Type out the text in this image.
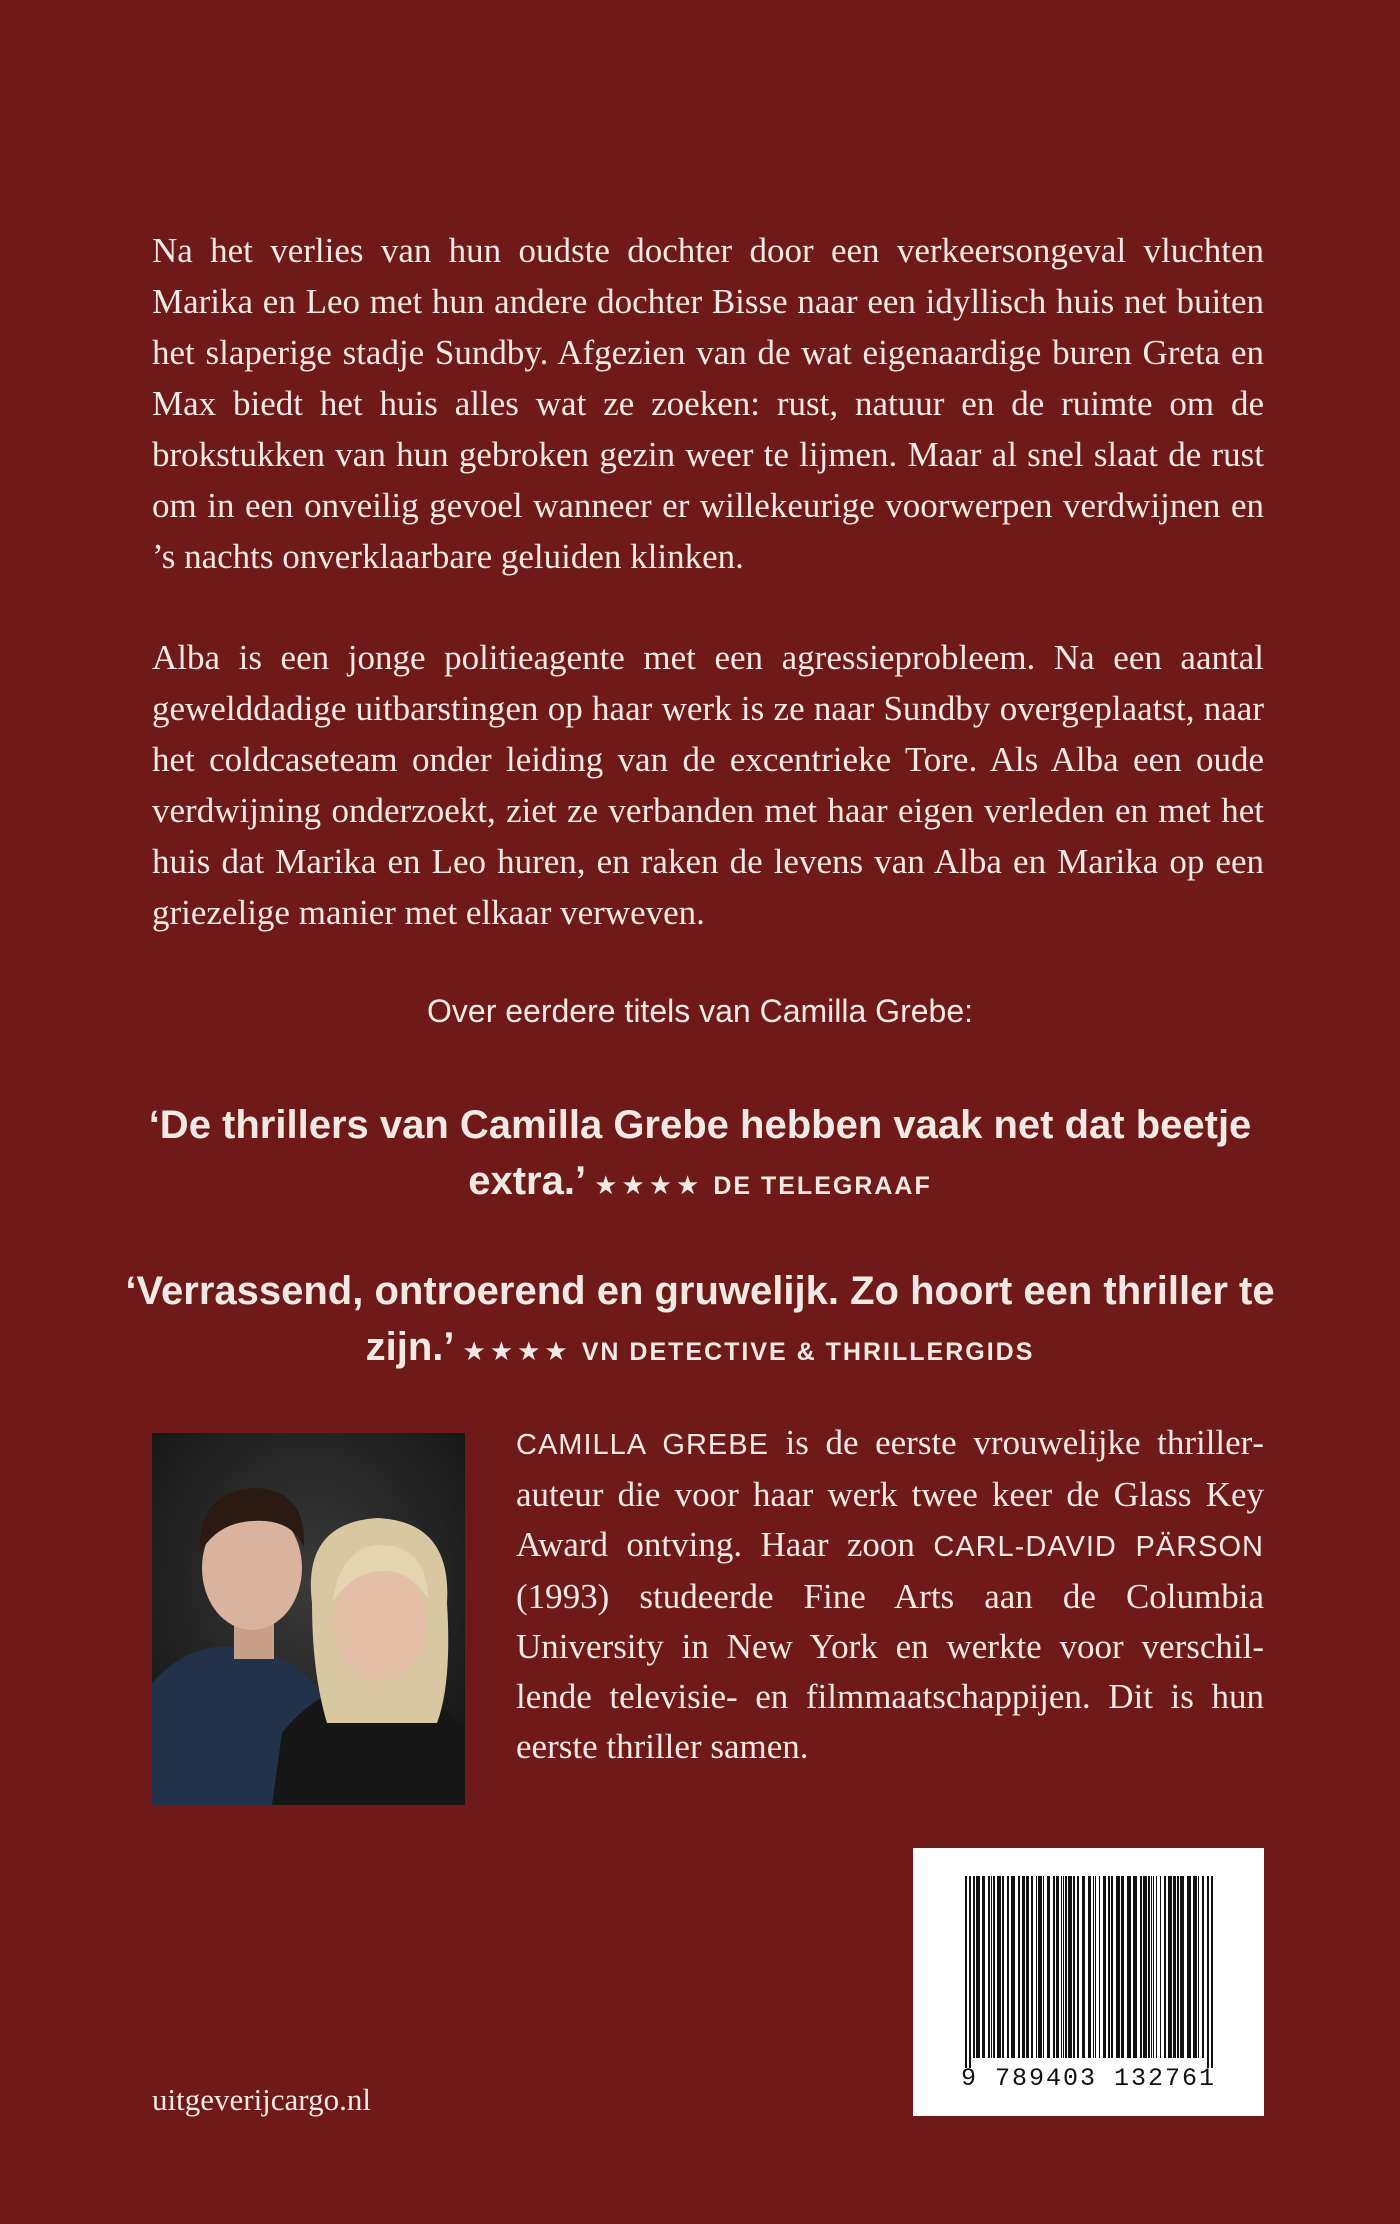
Na het verlies van hun oudste dochter door een verkeersongeval vluchten Marika en Leo met hun andere dochter Bisse naar een idyllisch huis net buiten het slaperige stadje Sundby. Afgezien van de wat eigenaardige buren Greta en Max biedt het huis alles wat ze zoeken: rust, natuur en de ruimte om de brokstukken van hun gebroken gezin weer te lijmen. Maar al snel slaat de rust om in een onveilig gevoel wanneer er willekeurige voorwerpen verdwijnen en ’s nachts onverklaarbare geluiden klinken.

Alba is een jonge politieagente met een agressieprobleem. Na een aantal gewelddadige uitbarstingen op haar werk is ze naar Sundby overgeplaatst, naar het coldcaseteam onder leiding van de excentrieke Tore. Als Alba een oude verdwijning onderzoekt, ziet ze verbanden met haar eigen verleden en met het huis dat Marika en Leo huren, en raken de levens van Alba en Marika op een griezelige manier met elkaar verweven.

Over eerdere titels van Camilla Grebe:
‘De thrillers van Camilla Grebe hebben vaak net dat beetje extra.’ ★★★★ DE TELEGRAAF
‘Verrassend, ontroerend en gruwelijk. Zo hoort een thriller te zijn.’ ★★★★ VN DETECTIVE & THRILLERGIDS

CAMILLA GREBE is de eerste vrouwelijke thrillerauteur die voor haar werk twee keer de Glass Key Award ontving. Haar zoon CARL-DAVID PÄRSON (1993) studeerde Fine Arts aan de Columbia University in New York en werkte voor verschillende televisie- en filmmaatschappijen. Dit is hun eerste thriller samen.

9 789403 132761

uitgeverijcargo.nl
